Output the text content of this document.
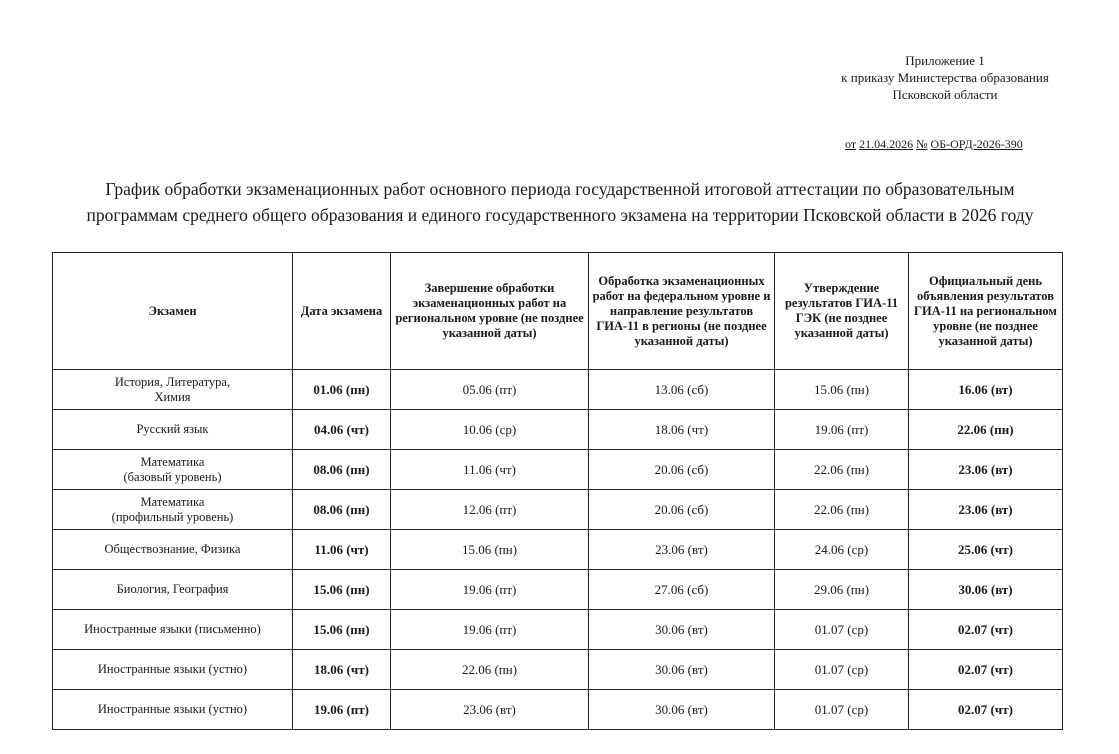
Приложение 1
к приказу Министерства образования
Псковской области
от 21.04.2026 № ОБ-ОРД-2026-390
График обработки экзаменационных работ основного периода государственной итоговой аттестации по образовательным
программам среднего общего образования и единого государственного экзамена на территории Псковской области в 2026 году
Экзамен	Дата экзамена	Завершение обработки экзаменационных работ на региональном уровне (не позднее указанной даты)	Обработка экзаменационных работ на федеральном уровне и направление результатов ГИА-11 в регионы (не позднее указанной даты)	Утверждение результатов ГИА-11 ГЭК (не позднее указанной даты)	Официальный день объявления результатов ГИА-11 на региональном уровне (не позднее указанной даты)
История, Литература,
Химия	01.06 (пн)	05.06 (пт)	13.06 (сб)	15.06 (пн)	16.06 (вт)
Русский язык	04.06 (чт)	10.06 (ср)	18.06 (чт)	19.06 (пт)	22.06 (пн)
Математика
(базовый уровень)	08.06 (пн)	11.06 (чт)	20.06 (сб)	22.06 (пн)	23.06 (вт)
Математика
(профильный уровень)	08.06 (пн)	12.06 (пт)	20.06 (сб)	22.06 (пн)	23.06 (вт)
Обществознание, Физика	11.06 (чт)	15.06 (пн)	23.06 (вт)	24.06 (ср)	25.06 (чт)
Биология, География	15.06 (пн)	19.06 (пт)	27.06 (сб)	29.06 (пн)	30.06 (вт)
Иностранные языки (письменно)	15.06 (пн)	19.06 (пт)	30.06 (вт)	01.07 (ср)	02.07 (чт)
Иностранные языки (устно)	18.06 (чт)	22.06 (пн)	30.06 (вт)	01.07 (ср)	02.07 (чт)
Иностранные языки (устно)	19.06 (пт)	23.06 (вт)	30.06 (вт)	01.07 (ср)	02.07 (чт)
